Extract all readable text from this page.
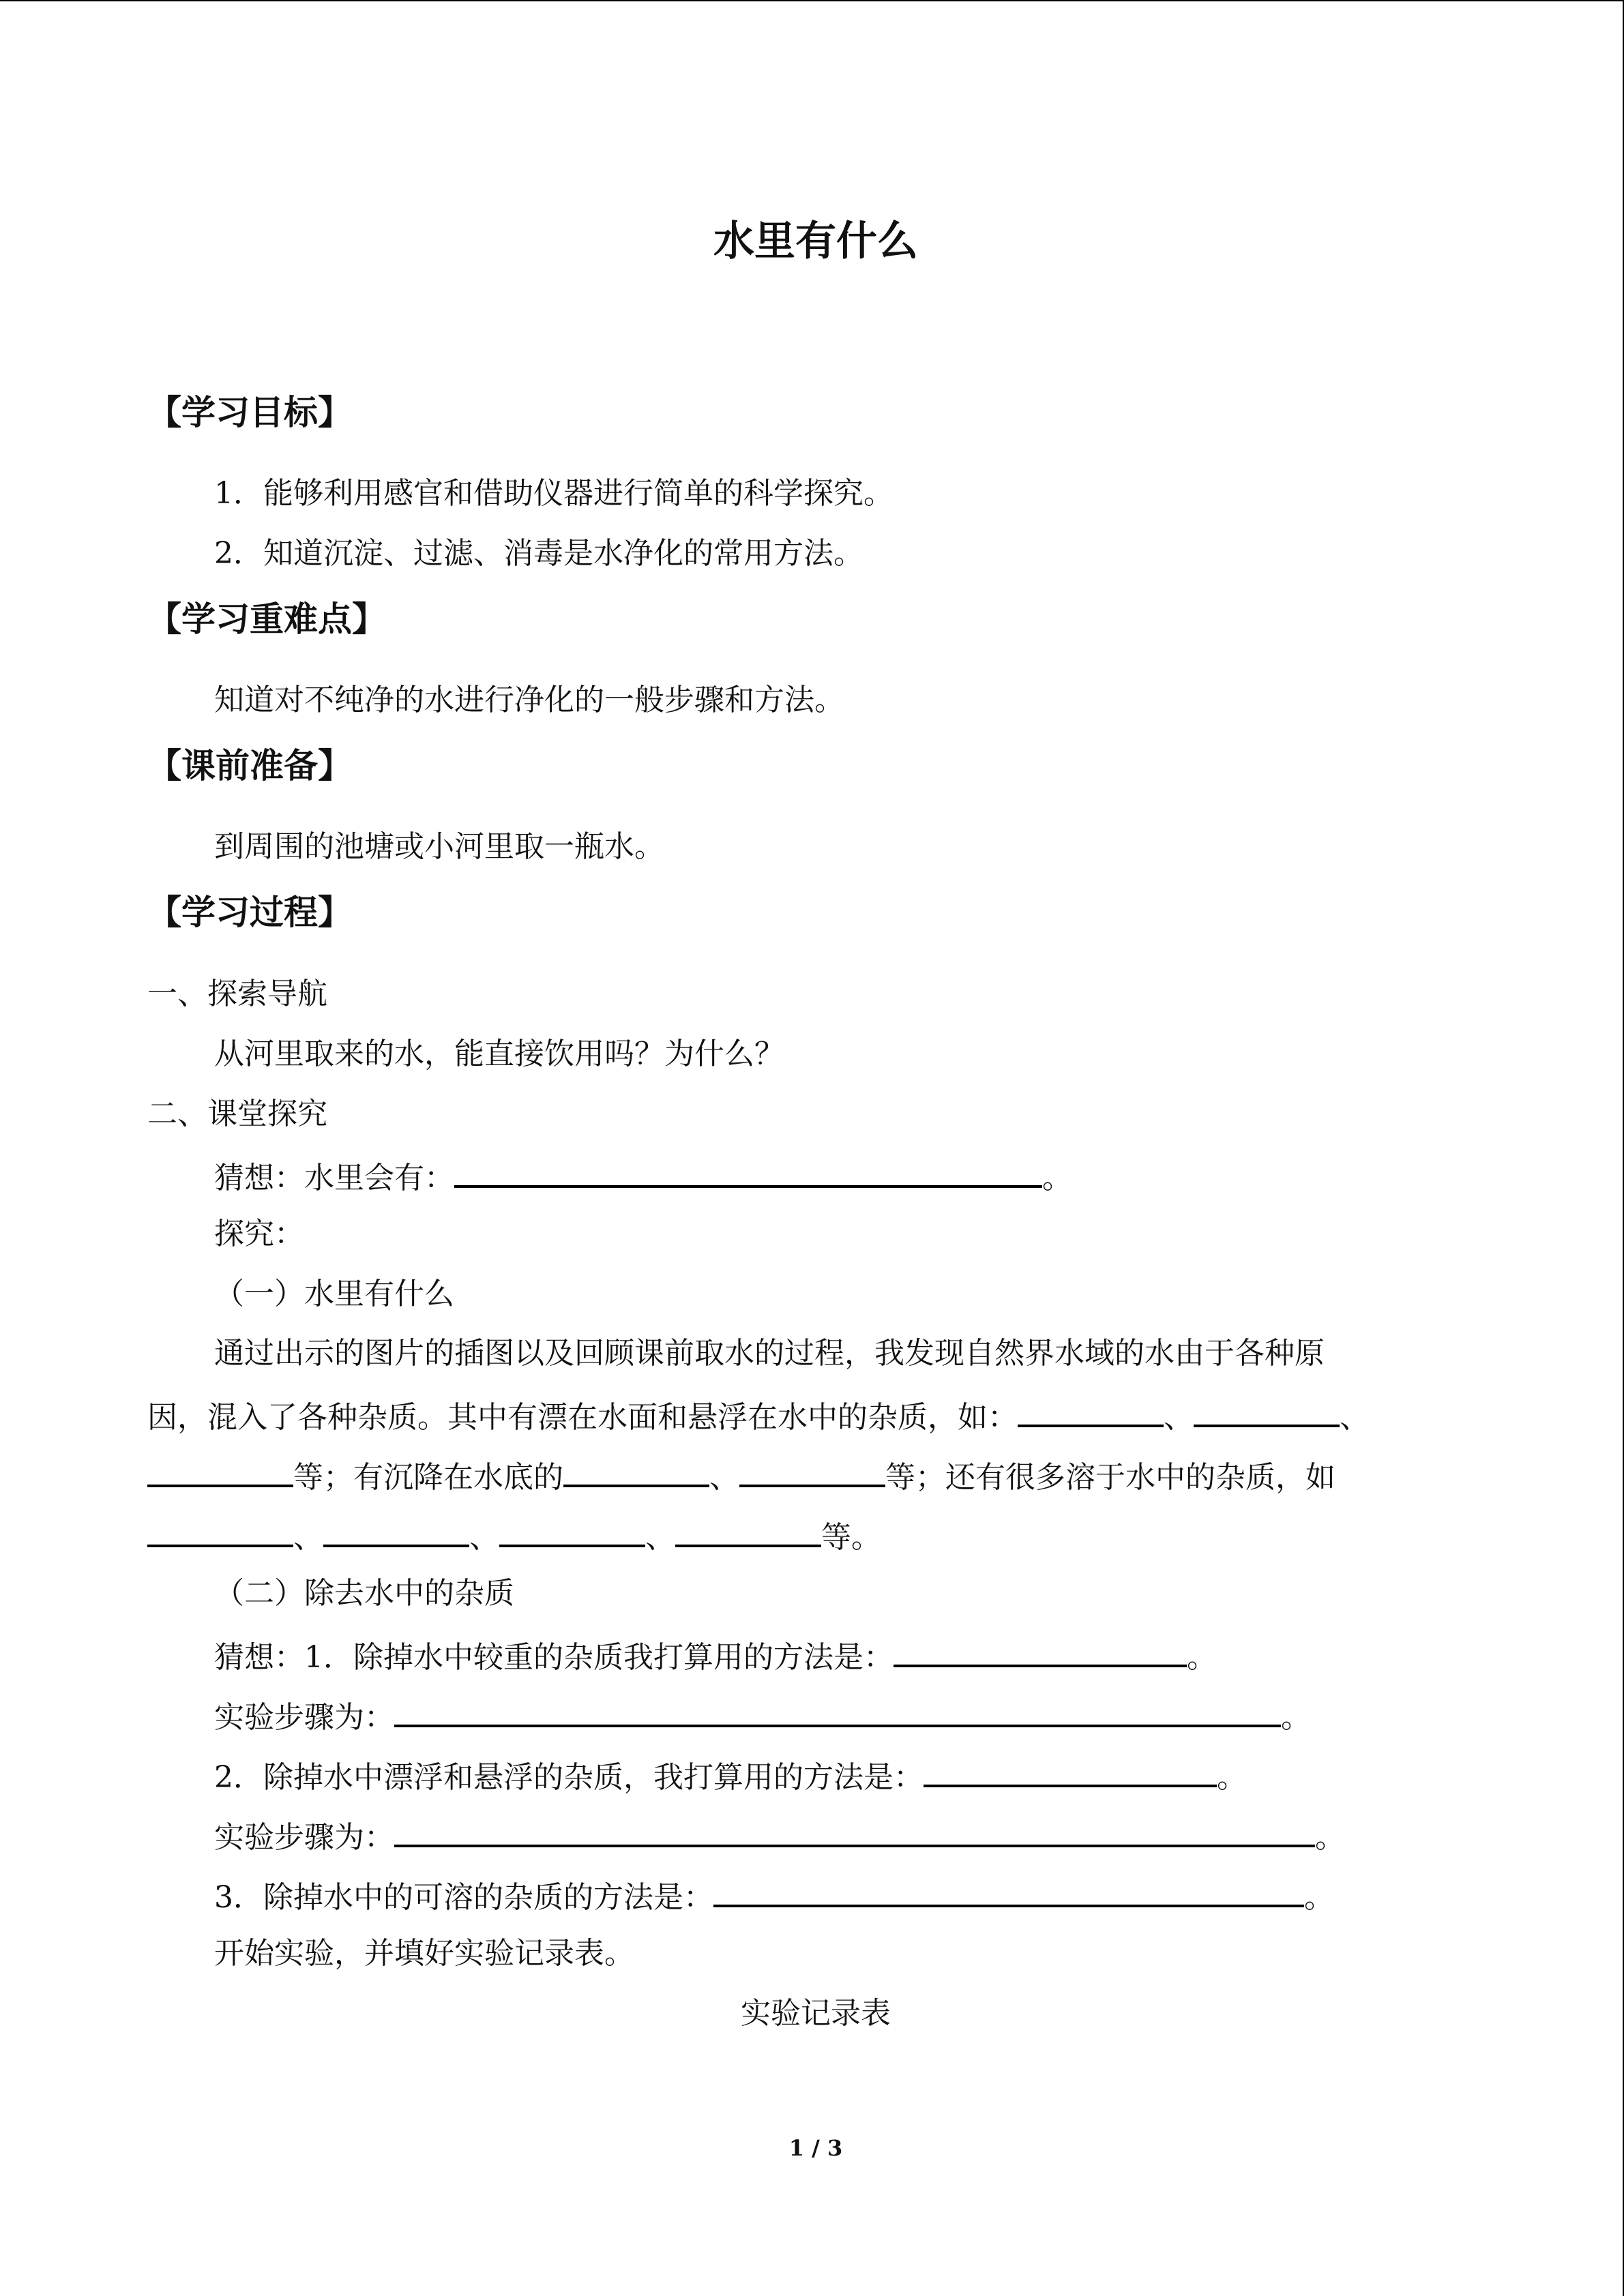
水里有什么
【学习目标】
1．能够利用感官和借助仪器进行简单的科学探究。
2．知道沉淀、过滤、消毒是水净化的常用方法。
【学习重难点】
知道对不纯净的水进行净化的一般步骤和方法。
【课前准备】
到周围的池塘或小河里取一瓶水。
【学习过程】
一、探索导航
从河里取来的水，能直接饮用吗？为什么？
二、课堂探究
猜想：水里会有：	。
探究：
（一）水里有什么
通过出示的图片的插图以及回顾课前取水的过程，我发现自然界水域的水由于各种原
因，混入了各种杂质。其中有漂在水面和悬浮在水中的杂质，如：	、	、
等；有沉降在水底的	、	等；还有很多溶于水中的杂质，如
、	、	、	等。
（二）除去水中的杂质
猜想：1．除掉水中较重的杂质我打算用的方法是：	。
实验步骤为：	。
2．除掉水中漂浮和悬浮的杂质，我打算用的方法是：	。
实验步骤为：	。
3．除掉水中的可溶的杂质的方法是：	。
开始实验，并填好实验记录表。
实验记录表
1 / 3
